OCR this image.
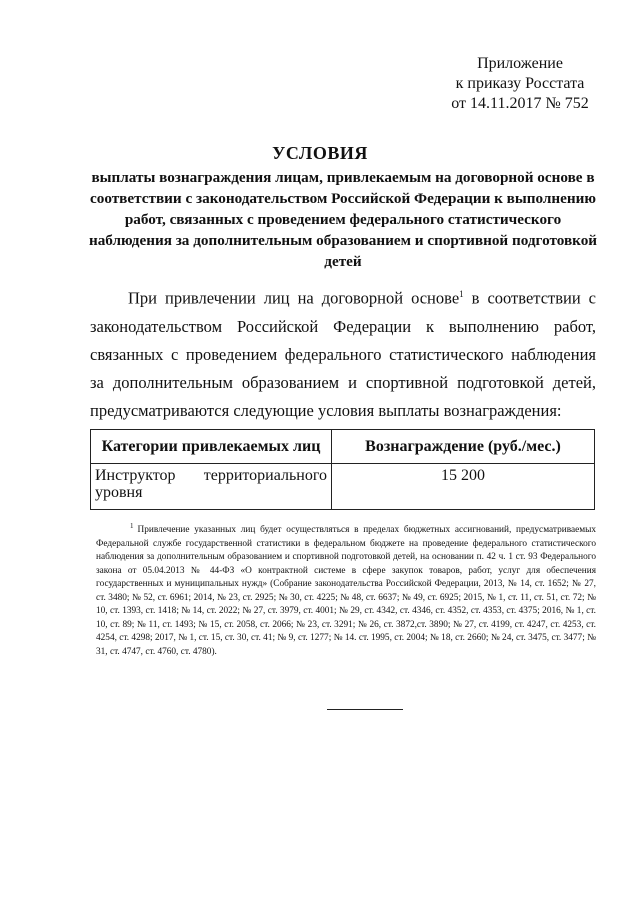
Приложение
к приказу Росстата
от 14.11.2017 № 752
УСЛОВИЯ
выплаты вознаграждения лицам, привлекаемым на договорной основе в соответствии с законодательством Российской Федерации к выполнению работ, связанных с проведением федерального статистического наблюдения за дополнительным образованием и спортивной подготовкой детей
При привлечении лиц на договорной основе$^1$ в соответствии с законодательством Российской Федерации к выполнению работ, связанных с проведением федерального статистического наблюдения за дополнительным образованием и спортивной подготовкой детей, предусматриваются следующие условия выплаты вознаграждения:
Категории привлекаемых лиц	Вознаграждение (руб./мес.)
Инструктор территориального уровня	15 200
$^1$ Привлечение указанных лиц будет осуществляться в пределах бюджетных ассигнований, предусматриваемых Федеральной службе государственной статистики в федеральном бюджете на проведение федерального статистического наблюдения за дополнительным образованием и спортивной подготовкой детей, на основании п. 42 ч. 1 ст. 93 Федерального закона от 05.04.2013 № 44-ФЗ «О контрактной системе в сфере закупок товаров, работ, услуг для обеспечения государственных и муниципальных нужд» (Собрание законодательства Российской Федерации, 2013, № 14, ст. 1652; № 27, ст. 3480; № 52, ст. 6961; 2014, № 23, ст. 2925; № 30, ст. 4225; № 48, ст. 6637; № 49, ст. 6925; 2015, № 1, ст. 11, ст. 51, ст. 72; № 10, ст. 1393, ст. 1418; № 14, ст. 2022; № 27, ст. 3979, ст. 4001; № 29, ст. 4342, ст. 4346, ст. 4352, ст. 4353, ст. 4375; 2016, № 1, ст. 10, ст. 89; № 11, ст. 1493; № 15, ст. 2058, ст. 2066; № 23, ст. 3291; № 26, ст. 3872,ст. 3890; № 27, ст. 4199, ст. 4247, ст. 4253, ст. 4254, ст. 4298; 2017, № 1, ст. 15, ст. 30, ст. 41; № 9, ст. 1277; № 14. ст. 1995, ст. 2004; № 18, ст. 2660; № 24, ст. 3475, ст. 3477; № 31, ст. 4747, ст. 4760, ст. 4780).
